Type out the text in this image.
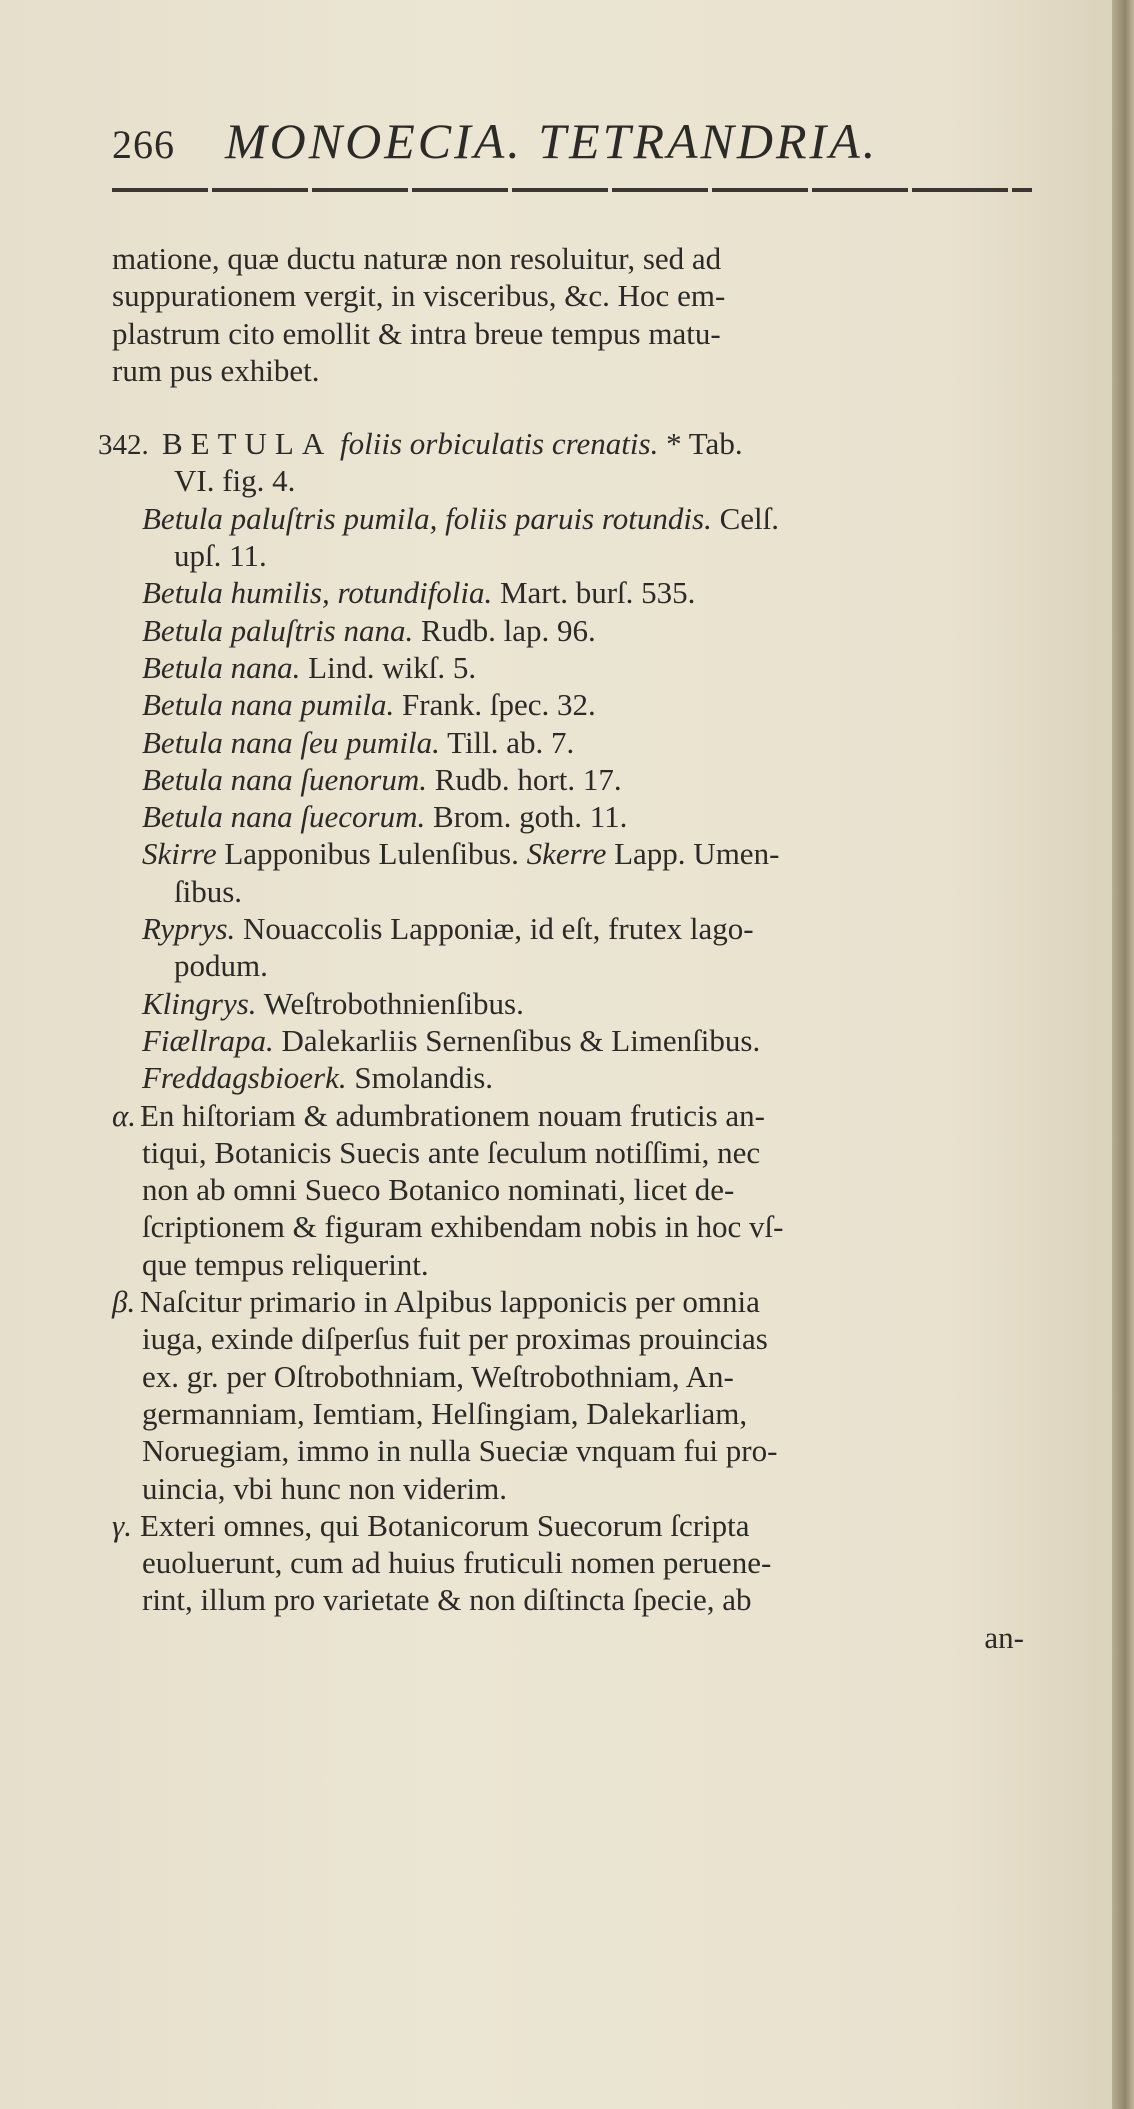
266 MONOECIA. TETRANDRIA.
matione, quæ ductu naturæ non resoluitur, sed ad
suppurationem vergit, in visceribus, &c. Hoc em-
plastrum cito emollit & intra breue tempus matu-
rum pus exhibet.
342. BETULA foliis orbiculatis crenatis. * Tab.
VI. fig. 4.
Betula paluſtris pumila, foliis paruis rotundis. Celſ.
upſ. 11.
Betula humilis, rotundifolia. Mart. burſ. 535.
Betula paluſtris nana. Rudb. lap. 96.
Betula nana. Lind. wikſ. 5.
Betula nana pumila. Frank. ſpec. 32.
Betula nana ſeu pumila. Till. ab. 7.
Betula nana ſuenorum. Rudb. hort. 17.
Betula nana ſuecorum. Brom. goth. 11.
Skirre Lapponibus Lulenſibus. Skerre Lapp. Umen-
ſibus.
Ryprys. Nouaccolis Lapponiæ, id eſt, frutex lago-
podum.
Klingrys. Weſtrobothnienſibus.
Fiællrapa. Dalekarliis Sernenſibus & Limenſibus.
Freddagsbioerk. Smolandis.
α. En hiſtoriam & adumbrationem nouam fruticis an-
tiqui, Botanicis Suecis ante ſeculum notiſſimi, nec
non ab omni Sueco Botanico nominati, licet de-
ſcriptionem & figuram exhibendam nobis in hoc vſ-
que tempus reliquerint.
β. Naſcitur primario in Alpibus lapponicis per omnia
iuga, exinde diſperſus fuit per proximas prouincias
ex. gr. per Oſtrobothniam, Weſtrobothniam, An-
germanniam, Iemtiam, Helſingiam, Dalekarliam,
Noruegiam, immo in nulla Sueciæ vnquam fui pro-
uincia, vbi hunc non viderim.
γ. Exteri omnes, qui Botanicorum Suecorum ſcripta
euoluerunt, cum ad huius fruticuli nomen peruene-
rint, illum pro varietate & non diſtincta ſpecie, ab
an-
